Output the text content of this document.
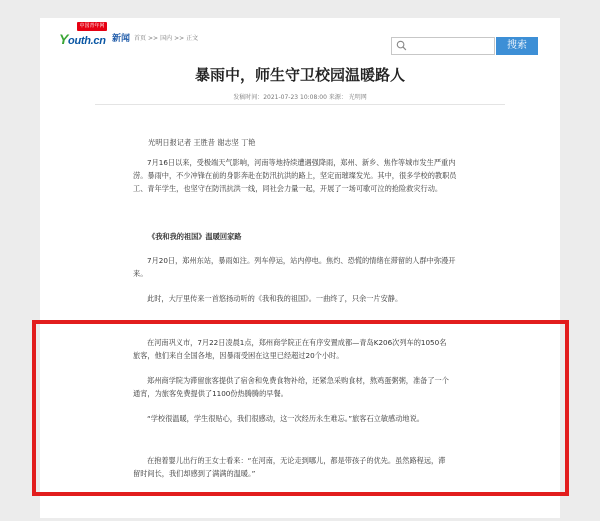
中国青年网
Youth.cn 新闻 首页 >> 国内 >> 正文
搜索
暴雨中，师生守卫校园温暖路人
发稿时间：2021-07-23 10:08:00 来源： 光明网
光明日报记者 王胜昔 谢志坚 丁艳
7月16日以来，受极端天气影响，河南等地持续遭遇强降雨，郑州、新乡、焦作等城市发生严重内涝。暴雨中，不少冲锋在前的身影奔赴在防汛抗洪的路上，坚定而璀璨发光。其中，很多学校的教职员工、青年学生，也坚守在防汛抗洪一线，同社会力量一起，开展了一场可歌可泣的抢险救灾行动。
《我和我的祖国》温暖回家路
7月20日，郑州东站，暴雨如注。列车停运，站内停电。焦灼、恐慌的情绪在滞留的人群中弥漫开来。
此时，大厅里传来一首悠扬动听的《我和我的祖国》。一曲终了，只余一片安静。
在河南巩义市，7月22日凌晨1点，郑州商学院正在有序安置成都—青岛K206次列车的1050名旅客，他们来自全国各地，因暴雨受困在这里已经超过20个小时。
郑州商学院为滞留旅客提供了宿舍和免费食物补给，还紧急采购食材，熬鸡蛋粥粥，准备了一个通宵，为旅客免费提供了1100份热腾腾的早餐。
“学校很温暖，学生很贴心，我们很感动，这一次经历永生难忘。”旅客石立敏感动地说。
在抱着婴儿出行的王女士看来：“在河南，无论走到哪儿，都是带孩子的优先。虽然路程远，滞留时间长，我们却感到了满满的温暖。”
